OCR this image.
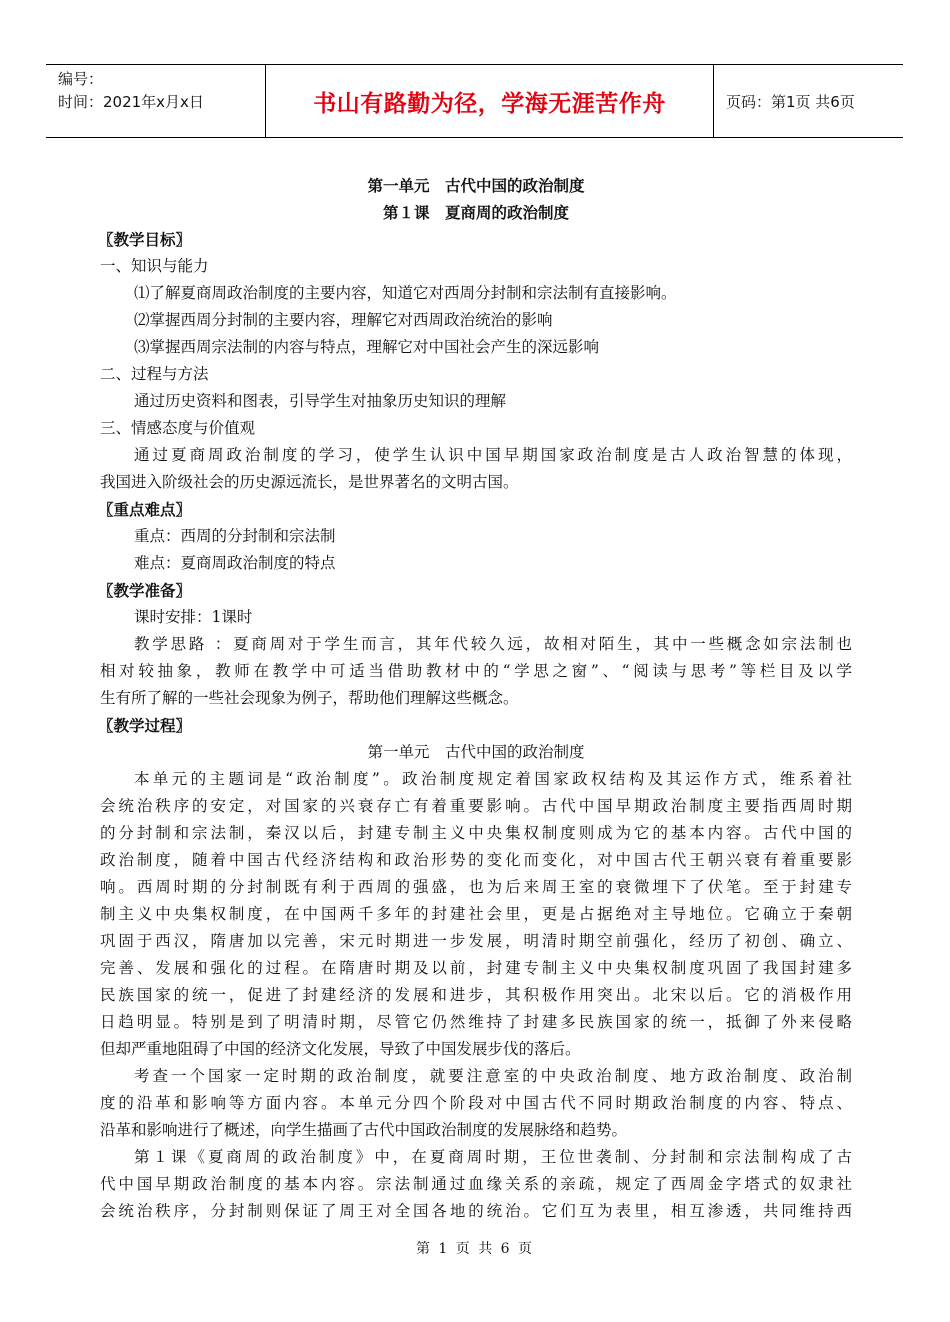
编号：
时间：2021年x月x日	书山有路勤为径，学海无涯苦作舟	页码：第1页 共6页
第一单元　古代中国的政治制度
第１课　夏商周的政治制度
〖教学目标〗
一、知识与能力
⑴了解夏商周政治制度的主要内容，知道它对西周分封制和宗法制有直接影响。
⑵掌握西周分封制的主要内容，理解它对西周政治统治的影响
⑶掌握西周宗法制的内容与特点，理解它对中国社会产生的深远影响
二、过程与方法
通过历史资料和图表，引导学生对抽象历史知识的理解
三、情感态度与价值观
通过夏商周政治制度的学习，使学生认识中国早期国家政治制度是古人政治智慧的体现，
我国进入阶级社会的历史源远流长，是世界著名的文明古国。
〖重点难点〗
重点：西周的分封制和宗法制
难点：夏商周政治制度的特点
〖教学准备〗
课时安排：1课时
教学思路 ：夏商周对于学生而言，其年代较久远，故相对陌生，其中一些概念如宗法制也
相对较抽象，教师在教学中可适当借助教材中的“学思之窗”、“阅读与思考”等栏目及以学
生有所了解的一些社会现象为例子，帮助他们理解这些概念。
〖教学过程〗
第一单元　古代中国的政治制度
本单元的主题词是“政治制度”。政治制度规定着国家政权结构及其运作方式，维系着社
会统治秩序的安定，对国家的兴衰存亡有着重要影响。古代中国早期政治制度主要指西周时期
的分封制和宗法制，秦汉以后，封建专制主义中央集权制度则成为它的基本内容。古代中国的
政治制度，随着中国古代经济结构和政治形势的变化而变化，对中国古代王朝兴衰有着重要影
响。西周时期的分封制既有利于西周的强盛，也为后来周王室的衰微埋下了伏笔。至于封建专
制主义中央集权制度，在中国两千多年的封建社会里，更是占据绝对主导地位。它确立于秦朝
巩固于西汉，隋唐加以完善，宋元时期进一步发展，明清时期空前强化，经历了初创、确立、
完善、发展和强化的过程。在隋唐时期及以前，封建专制主义中央集权制度巩固了我国封建多
民族国家的统一，促进了封建经济的发展和进步，其积极作用突出。北宋以后。它的消极作用
日趋明显。特别是到了明清时期，尽管它仍然维持了封建多民族国家的统一，抵御了外来侵略
但却严重地阻碍了中国的经济文化发展，导致了中国发展步伐的落后。
考查一个国家一定时期的政治制度，就要注意室的中央政治制度、地方政治制度、政治制
度的沿革和影响等方面内容。本单元分四个阶段对中国古代不同时期政治制度的内容、特点、
沿革和影响进行了概述，向学生描画了古代中国政治制度的发展脉络和趋势。
第１课《夏商周的政治制度》中，在夏商周时期，王位世袭制、分封制和宗法制构成了古
代中国早期政治制度的基本内容。宗法制通过血缘关系的亲疏，规定了西周金字塔式的奴隶社
会统治秩序，分封制则保证了周王对全国各地的统治。它们互为表里，相互渗透，共同维持西
第 1 页 共 6 页
